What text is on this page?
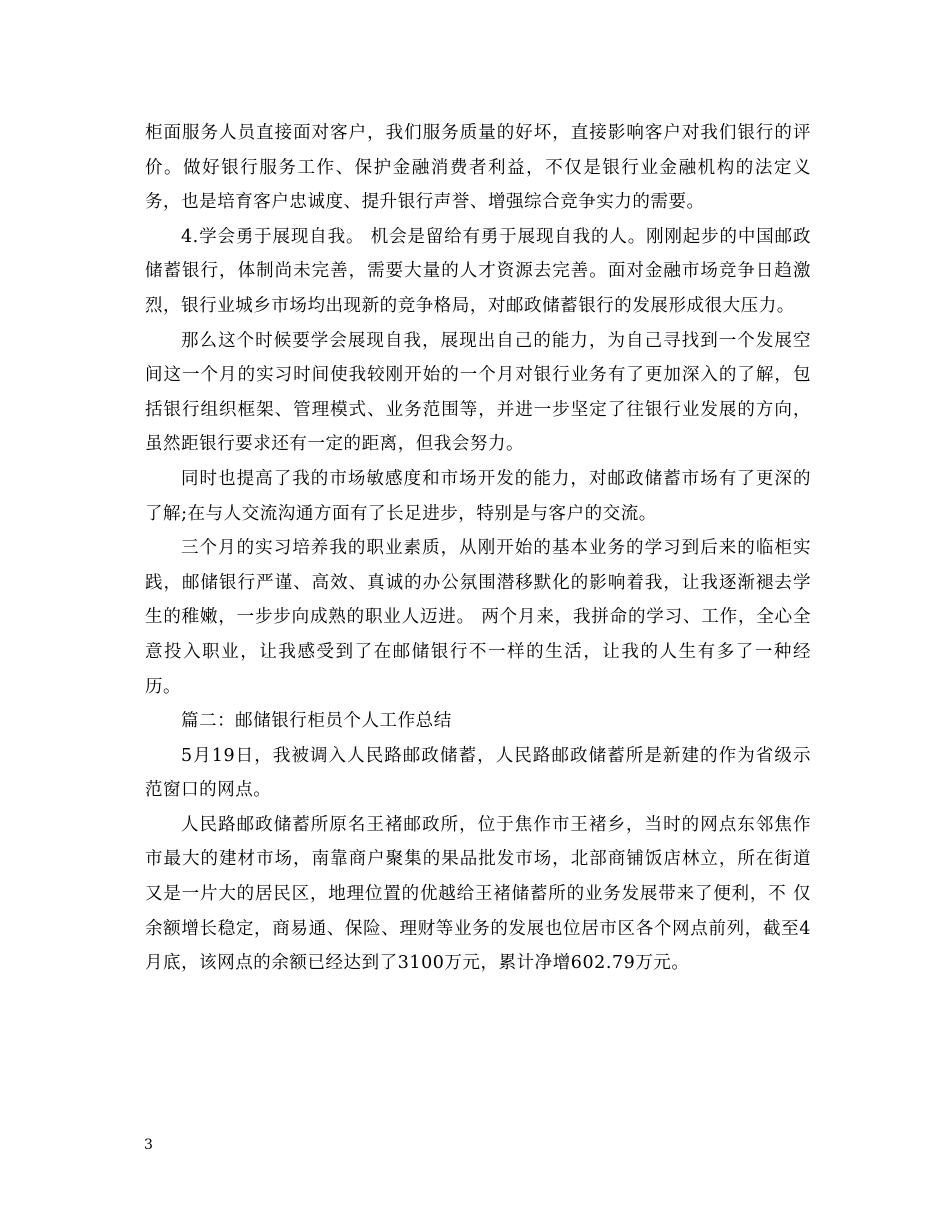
柜面服务人员直接面对客户，我们服务质量的好坏，直接影响客户对我们银行的评价。做好银行服务工作、保护金融消费者利益，不仅是银行业金融机构的法定义务，也是培育客户忠诚度、提升银行声誉、增强综合竞争实力的需要。

4.学会勇于展现自我。 机会是留给有勇于展现自我的人。刚刚起步的中国邮政储蓄银行，体制尚未完善，需要大量的人才资源去完善。面对金融市场竞争日趋激烈，银行业城乡市场均出现新的竞争格局，对邮政储蓄银行的发展形成很大压力。

那么这个时候要学会展现自我，展现出自己的能力，为自己寻找到一个发展空间这一个月的实习时间使我较刚开始的一个月对银行业务有了更加深入的了解，包括银行组织框架、管理模式、业务范围等，并进一步坚定了往银行业发展的方向，虽然距银行要求还有一定的距离，但我会努力。

同时也提高了我的市场敏感度和市场开发的能力，对邮政储蓄市场有了更深的了解;在与人交流沟通方面有了长足进步，特别是与客户的交流。

三个月的实习培养我的职业素质，从刚开始的基本业务的学习到后来的临柜实践，邮储银行严谨、高效、真诚的办公氛围潜移默化的影响着我，让我逐渐褪去学生的稚嫩，一步步向成熟的职业人迈进。 两个月来，我拼命的学习、工作，全心全意投入职业，让我感受到了在邮储银行不一样的生活，让我的人生有多了一种经历。

篇二：邮储银行柜员个人工作总结

5月19日，我被调入人民路邮政储蓄，人民路邮政储蓄所是新建的作为省级示范窗口的网点。

人民路邮政储蓄所原名王褚邮政所，位于焦作市王褚乡，当时的网点东邻焦作市最大的建材市场，南靠商户聚集的果品批发市场，北部商铺饭店林立，所在街道又是一片大的居民区，地理位置的优越给王褚储蓄所的业务发展带来了便利，不 仅余额增长稳定，商易通、保险、理财等业务的发展也位居市区各个网点前列，截至4月底，该网点的余额已经达到了3100万元，累计净增602.79万元。

3
